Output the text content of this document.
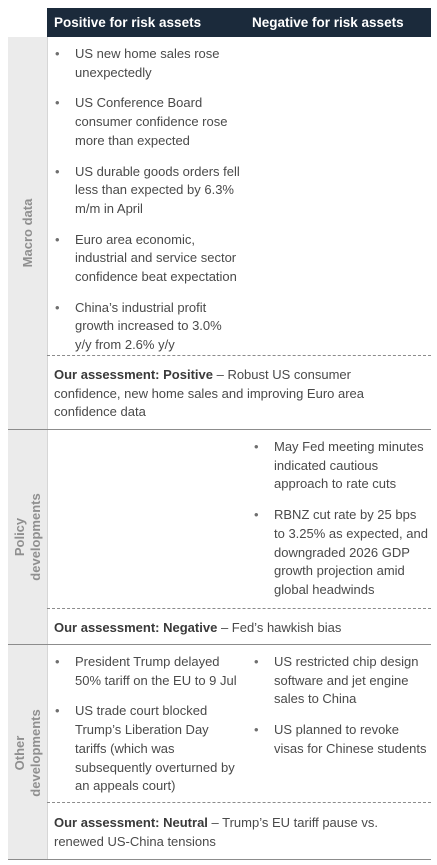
Positive for risk assets	Negative for risk assets
Macro data
• US new home sales rose unexpectedly
• US Conference Board consumer confidence rose more than expected
• US durable goods orders fell less than expected by 6.3% m/m in April
• Euro area economic, industrial and service sector confidence beat expectation
• China’s industrial profit growth increased to 3.0% y/y from 2.6% y/y
Our assessment: Positive – Robust US consumer confidence, new home sales and improving Euro area confidence data
Policy
developments
• May Fed meeting minutes indicated cautious approach to rate cuts
• RBNZ cut rate by 25 bps to 3.25% as expected, and downgraded 2026 GDP growth projection amid global headwinds
Our assessment: Negative – Fed’s hawkish bias
Other
developments
• President Trump delayed 50% tariff on the EU to 9 Jul
• US trade court blocked Trump’s Liberation Day tariffs (which was subsequently overturned by an appeals court)
• US restricted chip design software and jet engine sales to China
• US planned to revoke visas for Chinese students
Our assessment: Neutral – Trump’s EU tariff pause vs. renewed US-China tensions
